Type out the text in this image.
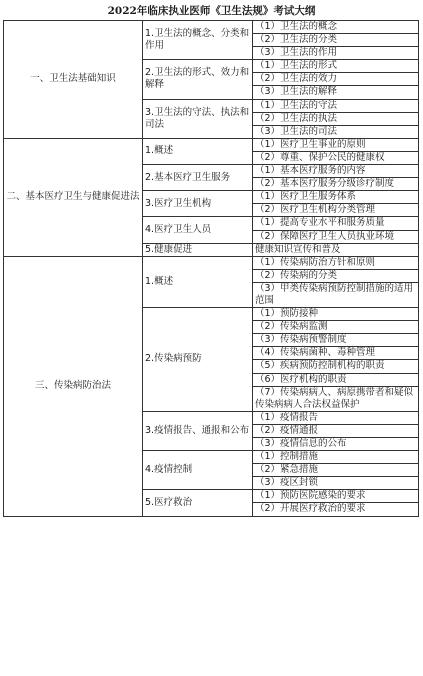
2022年临床执业医师《卫生法规》考试大纲
一、卫生法基础知识	1.卫生法的概念、分类和作用	（1）卫生法的概念
		（2）卫生法的分类
		（3）卫生法的作用
	2.卫生法的形式、效力和解释	（1）卫生法的形式
		（2）卫生法的效力
		（3）卫生法的解释
	3.卫生法的守法、执法和司法	（1）卫生法的守法
		（2）卫生法的执法
		（3）卫生法的司法
二、基本医疗卫生与健康促进法	1.概述	（1）医疗卫生事业的原则
		（2）尊重、保护公民的健康权
	2.基本医疗卫生服务	（1）基本医疗服务的内容
		（2）基本医疗服务分级诊疗制度
	3.医疗卫生机构	（1）医疗卫生服务体系
		（2）医疗卫生机构分类管理
	4.医疗卫生人员	（1）提高专业水平和服务质量
		（2）保障医疗卫生人员执业环境
	5.健康促进	健康知识宣传和普及
三、传染病防治法	1.概述	（1）传染病防治方针和原则
		（2）传染病的分类
		（3）甲类传染病预防控制措施的适用范围
	2.传染病预防	（1）预防接种
		（2）传染病监测
		（3）传染病预警制度
		（4）传染病菌种、毒种管理
		（5）疾病预防控制机构的职责
		（6）医疗机构的职责
		（7）传染病病人、病原携带者和疑似传染病病人合法权益保护
	3.疫情报告、通报和公布	（1）疫情报告
		（2）疫情通报
		（3）疫情信息的公布
	4.疫情控制	（1）控制措施
		（2）紧急措施
		（3）疫区封锁
	5.医疗救治	（1）预防医院感染的要求
		（2）开展医疗救治的要求
